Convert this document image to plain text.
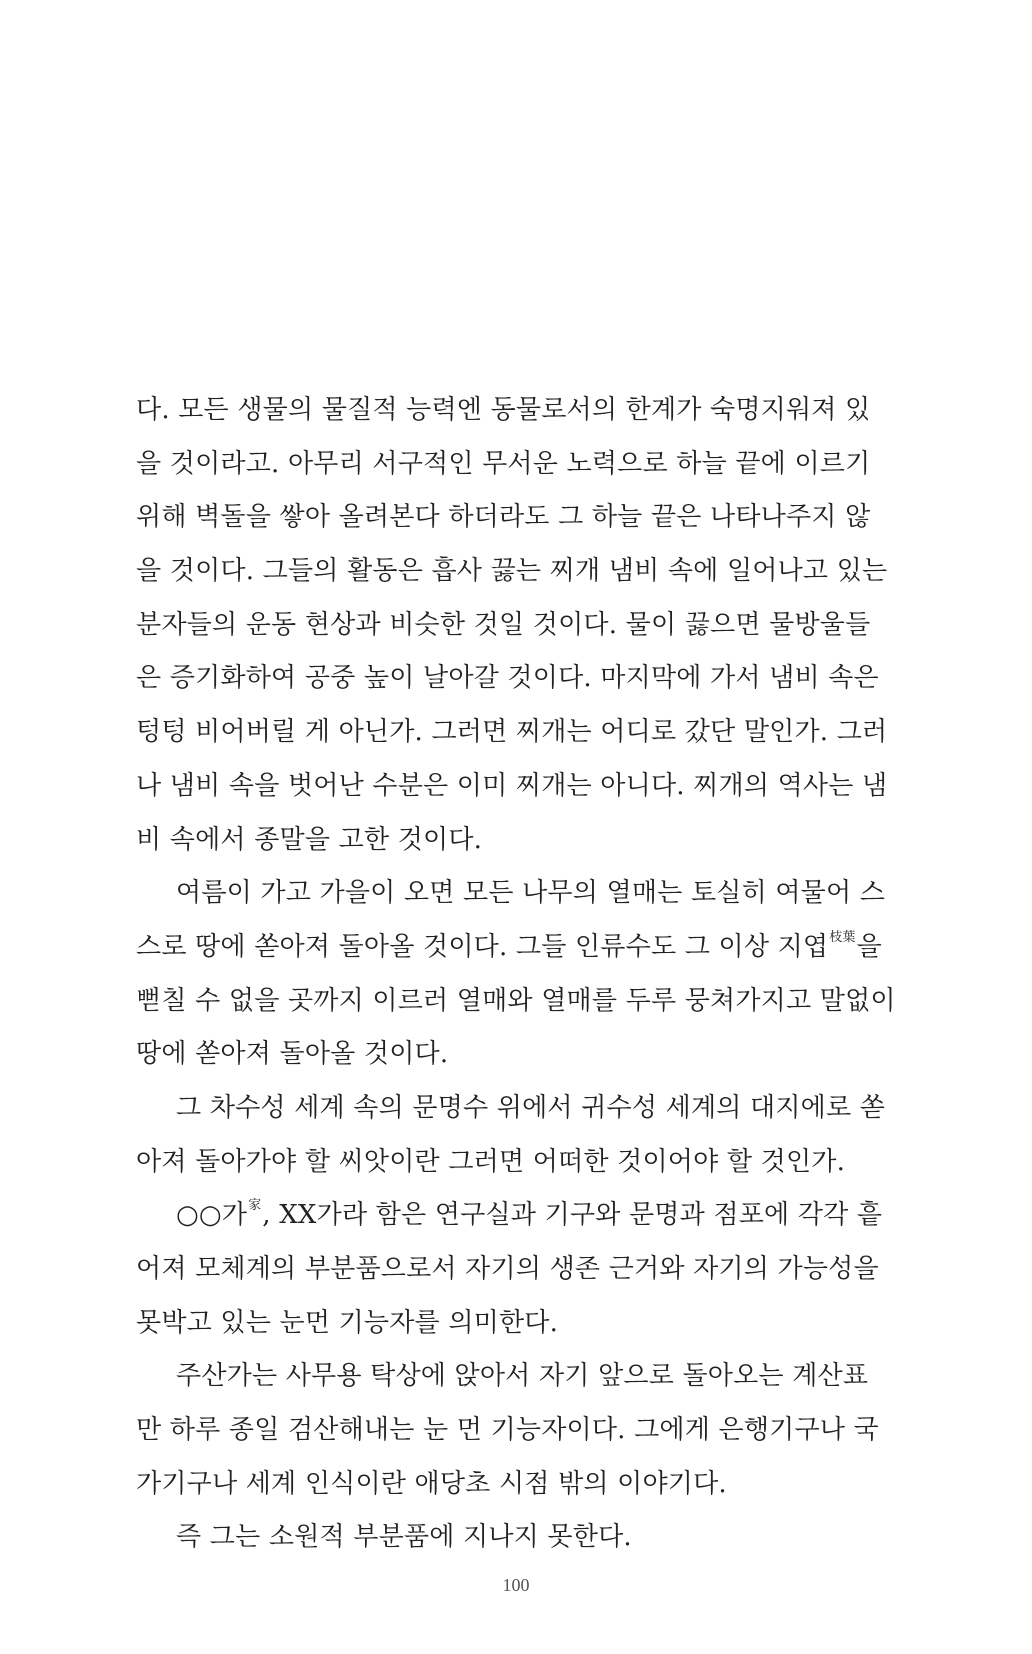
다. 모든 생물의 물질적 능력엔 동물로서의 한계가 숙명지워져 있
을 것이라고. 아무리 서구적인 무서운 노력으로 하늘 끝에 이르기
위해 벽돌을 쌓아 올려본다 하더라도 그 하늘 끝은 나타나주지 않
을 것이다. 그들의 활동은 흡사 끓는 찌개 냄비 속에 일어나고 있는
분자들의 운동 현상과 비슷한 것일 것이다. 물이 끓으면 물방울들
은 증기화하여 공중 높이 날아갈 것이다. 마지막에 가서 냄비 속은
텅텅 비어버릴 게 아닌가. 그러면 찌개는 어디로 갔단 말인가. 그러
나 냄비 속을 벗어난 수분은 이미 찌개는 아니다. 찌개의 역사는 냄
비 속에서 종말을 고한 것이다.
여름이 가고 가을이 오면 모든 나무의 열매는 토실히 여물어 스
스로 땅에 쏟아져 돌아올 것이다. 그들 인류수도 그 이상 지엽$^{枝葉}$을
뻗칠 수 없을 곳까지 이르러 열매와 열매를 두루 뭉쳐가지고 말없이
땅에 쏟아져 돌아올 것이다.
그 차수성 세계 속의 문명수 위에서 귀수성 세계의 대지에로 쏟
아져 돌아가야 할 씨앗이란 그러면 어떠한 것이어야 할 것인가.
○○가$^家$, XX가라 함은 연구실과 기구와 문명과 점포에 각각 흩
어져 모체계의 부분품으로서 자기의 생존 근거와 자기의 가능성을
못박고 있는 눈먼 기능자를 의미한다.
주산가는 사무용 탁상에 앉아서 자기 앞으로 돌아오는 계산표
만 하루 종일 검산해내는 눈 먼 기능자이다. 그에게 은행기구나 국
가기구나 세계 인식이란 애당초 시점 밖의 이야기다.
즉 그는 소원적 부분품에 지나지 못한다.
100
